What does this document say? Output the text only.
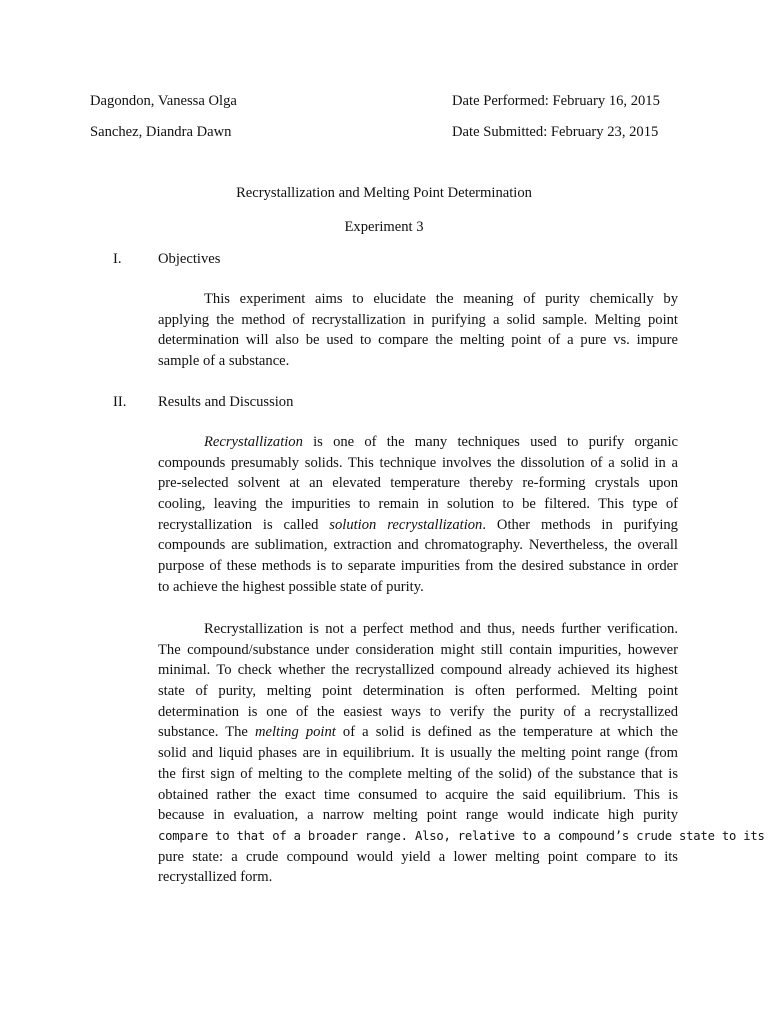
Dagondon, Vanessa Olga	Date Performed: February 16, 2015
Sanchez, Diandra Dawn	Date Submitted: February 23, 2015
Recrystallization and Melting Point Determination
Experiment 3
I. Objectives
This experiment aims to elucidate the meaning of purity chemically by
applying the method of recrystallization in purifying a solid sample. Melting point
determination will also be used to compare the melting point of a pure vs. impure
sample of a substance.
II. Results and Discussion
Recrystallization is one of the many techniques used to purify organic
compounds presumably solids. This technique involves the dissolution of a solid in a
pre-selected solvent at an elevated temperature thereby re-forming crystals upon
cooling, leaving the impurities to remain in solution to be filtered. This type of
recrystallization is called solution recrystallization. Other methods in purifying
compounds are sublimation, extraction and chromatography. Nevertheless, the overall
purpose of these methods is to separate impurities from the desired substance in order
to achieve the highest possible state of purity.
Recrystallization is not a perfect method and thus, needs further verification.
The compound/substance under consideration might still contain impurities, however
minimal. To check whether the recrystallized compound already achieved its highest
state of purity, melting point determination is often performed. Melting point
determination is one of the easiest ways to verify the purity of a recrystallized
substance. The melting point of a solid is defined as the temperature at which the
solid and liquid phases are in equilibrium. It is usually the melting point range (from
the first sign of melting to the complete melting of the solid) of the substance that is
obtained rather the exact time consumed to acquire the said equilibrium. This is
because in evaluation, a narrow melting point range would indicate high purity
compare to that of a broader range. Also, relative to a compound’s crude state to its
pure state: a crude compound would yield a lower melting point compare to its
recrystallized form.
